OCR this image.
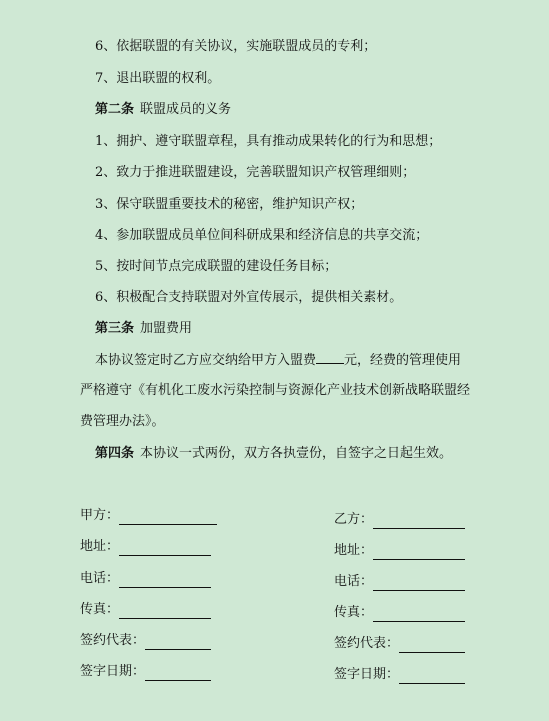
6、依据联盟的有关协议，实施联盟成员的专利；
7、退出联盟的权利。
第二条 联盟成员的义务
1、拥护、遵守联盟章程，具有推动成果转化的行为和思想；
2、致力于推进联盟建设，完善联盟知识产权管理细则；
3、保守联盟重要技术的秘密，维护知识产权；
4、参加联盟成员单位间科研成果和经济信息的共享交流；
5、按时间节点完成联盟的建设任务目标；
6、积极配合支持联盟对外宣传展示，提供相关素材。
第三条 加盟费用
本协议签定时乙方应交纳给甲方入盟费 元，经费的管理使用
严格遵守《有机化工废水污染控制与资源化产业技术创新战略联盟经
费管理办法》。
第四条 本协议一式两份，双方各执壹份，自签字之日起生效。
甲方：
地址：
电话：
传真：
签约代表：
签字日期：
乙方：
地址：
电话：
传真：
签约代表：
签字日期：
